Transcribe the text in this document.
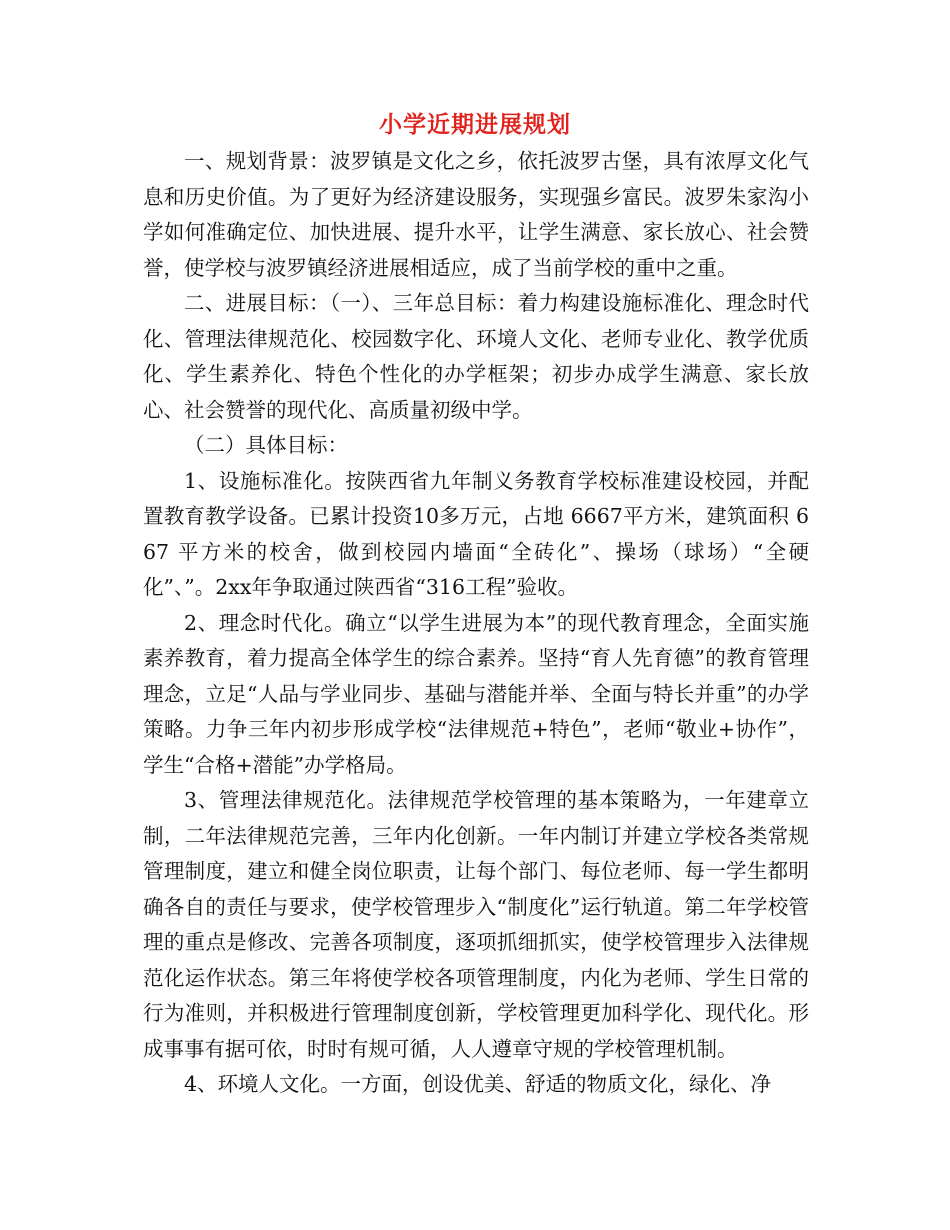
小学近期进展规划

一、规划背景：波罗镇是文化之乡，依托波罗古堡，具有浓厚文化气息和历史价值。为了更好为经济建设服务，实现强乡富民。波罗朱家沟小学如何准确定位、加快进展、提升水平，让学生满意、家长放心、社会赞誉，使学校与波罗镇经济进展相适应，成了当前学校的重中之重。

二、进展目标：（一）、三年总目标：着力构建设施标准化、理念时代化、管理法律规范化、校园数字化、环境人文化、老师专业化、教学优质化、学生素养化、特色个性化的办学框架；初步办成学生满意、家长放心、社会赞誉的现代化、高质量初级中学。

（二）具体目标：

1、设施标准化。按陕西省九年制义务教育学校标准建设校园，并配置教育教学设备。已累计投资10多万元，占地 6667平方米，建筑面积 667 平方米的校舍，做到校园内墙面“全砖化”、操场（球场）“全硬化”、”。2xx年争取通过陕西省“316工程”验收。

2、理念时代化。确立“以学生进展为本”的现代教育理念，全面实施素养教育，着力提高全体学生的综合素养。坚持“育人先育德”的教育管理理念，立足“人品与学业同步、基础与潜能并举、全面与特长并重”的办学策略。力争三年内初步形成学校“法律规范+特色”，老师“敬业+协作”，学生“合格+潜能”办学格局。

3、管理法律规范化。法律规范学校管理的基本策略为，一年建章立制，二年法律规范完善，三年内化创新。一年内制订并建立学校各类常规管理制度，建立和健全岗位职责，让每个部门、每位老师、每一学生都明确各自的责任与要求，使学校管理步入“制度化”运行轨道。第二年学校管理的重点是修改、完善各项制度，逐项抓细抓实，使学校管理步入法律规范化运作状态。第三年将使学校各项管理制度，内化为老师、学生日常的行为准则，并积极进行管理制度创新，学校管理更加科学化、现代化。形成事事有据可依，时时有规可循，人人遵章守规的学校管理机制。

4、环境人文化。一方面，创设优美、舒适的物质文化，绿化、净
